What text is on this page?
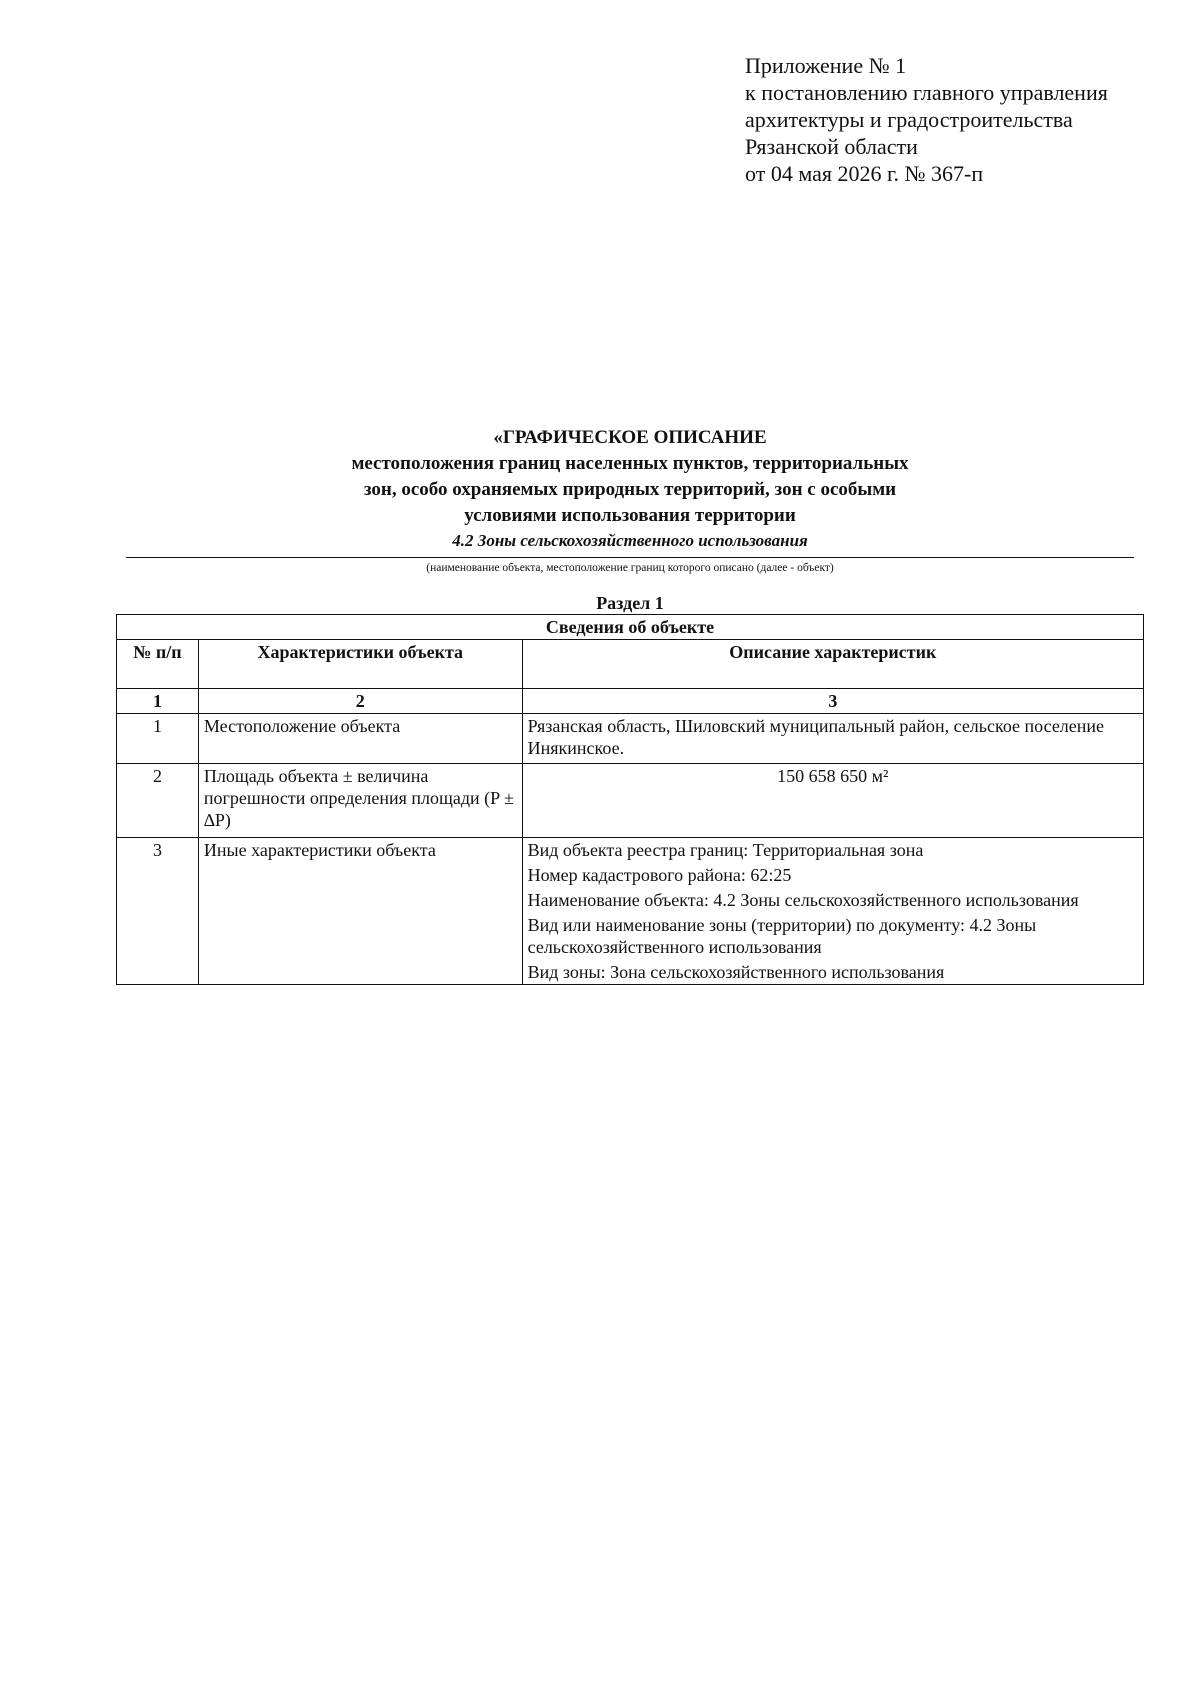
Приложение № 1
к постановлению главного управления
архитектуры и градостроительства
Рязанской области
от 04 мая 2026 г. № 367-п
«ГРАФИЧЕСКОЕ ОПИСАНИЕ
местоположения границ населенных пунктов, территориальных
зон, особо охраняемых природных территорий, зон с особыми
условиями использования территории
4.2 Зоны сельскохозяйственного использования
(наименование объекта, местоположение границ которого описано (далее - объект)
Раздел 1
Сведения об объекте		
№ п/п	Характеристики объекта	Описание характеристик
1	2	3
1	Местоположение объекта	Рязанская область, Шиловский муниципальный район, сельское поселение Инякинское.

2	Площадь объекта ± величина погрешности определения площади (P ± ∆P)	150 658 650 м²

3	Иные характеристики объекта	Вид объекта реестра границ: Территориальная зона
Номер кадастрового района: 62:25
Наименование объекта: 4.2 Зоны сельскохозяйственного использования
Вид или наименование зоны (территории) по документу: 4.2 Зоны сельскохозяйственного использования
Вид зоны: Зона сельскохозяйственного использования
